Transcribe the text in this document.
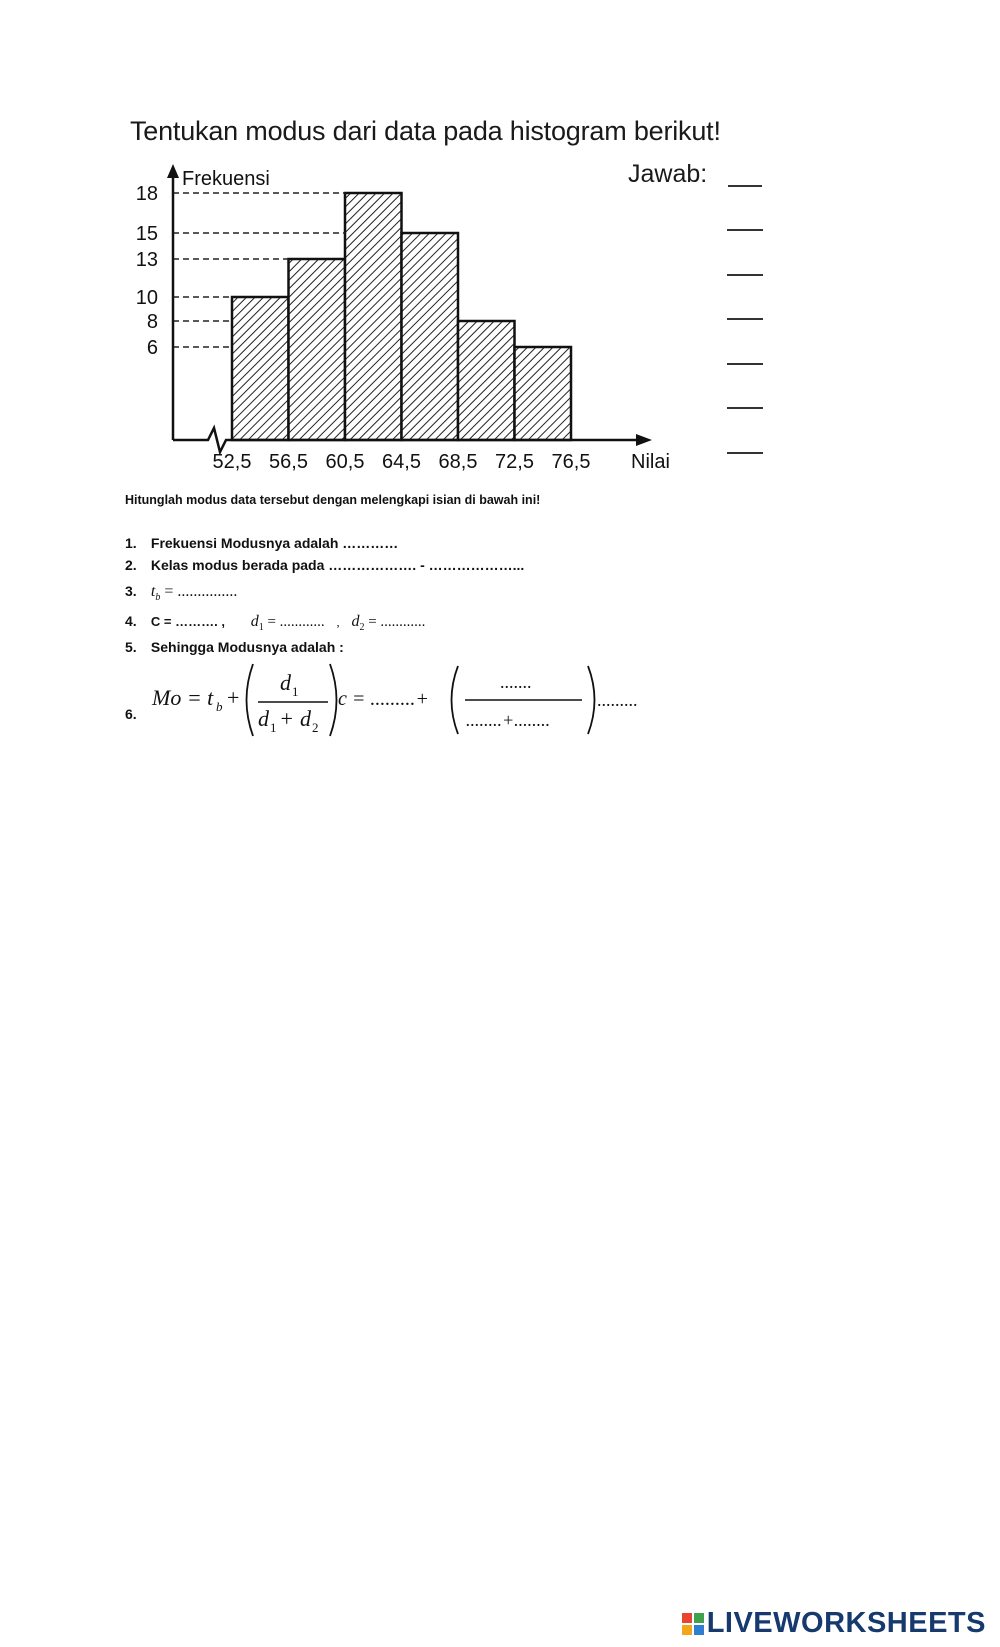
Tentukan modus dari data pada histogram berikut!
Jawab:
Frekuensi
Nilai
6
8
10
13
15
18
52,5 56,5 60,5 64,5 68,5 72,5 76,5
Hitunglah modus data tersebut dengan melengkapi isian di bawah ini!
1. Frekuensi Modusnya adalah …………
2. Kelas modus berada pada ………………. - ………………...
3. $t_b$ = ...............
4. C = ………. , $d_1$ = ............ , $d_2$ = ............
5. Sehingga Modusnya adalah :
6.
Mo = t b +
d 1
d 1
+ d 2
c = .........+
.......
........+........
.........

LIVEWORKSHEETS
